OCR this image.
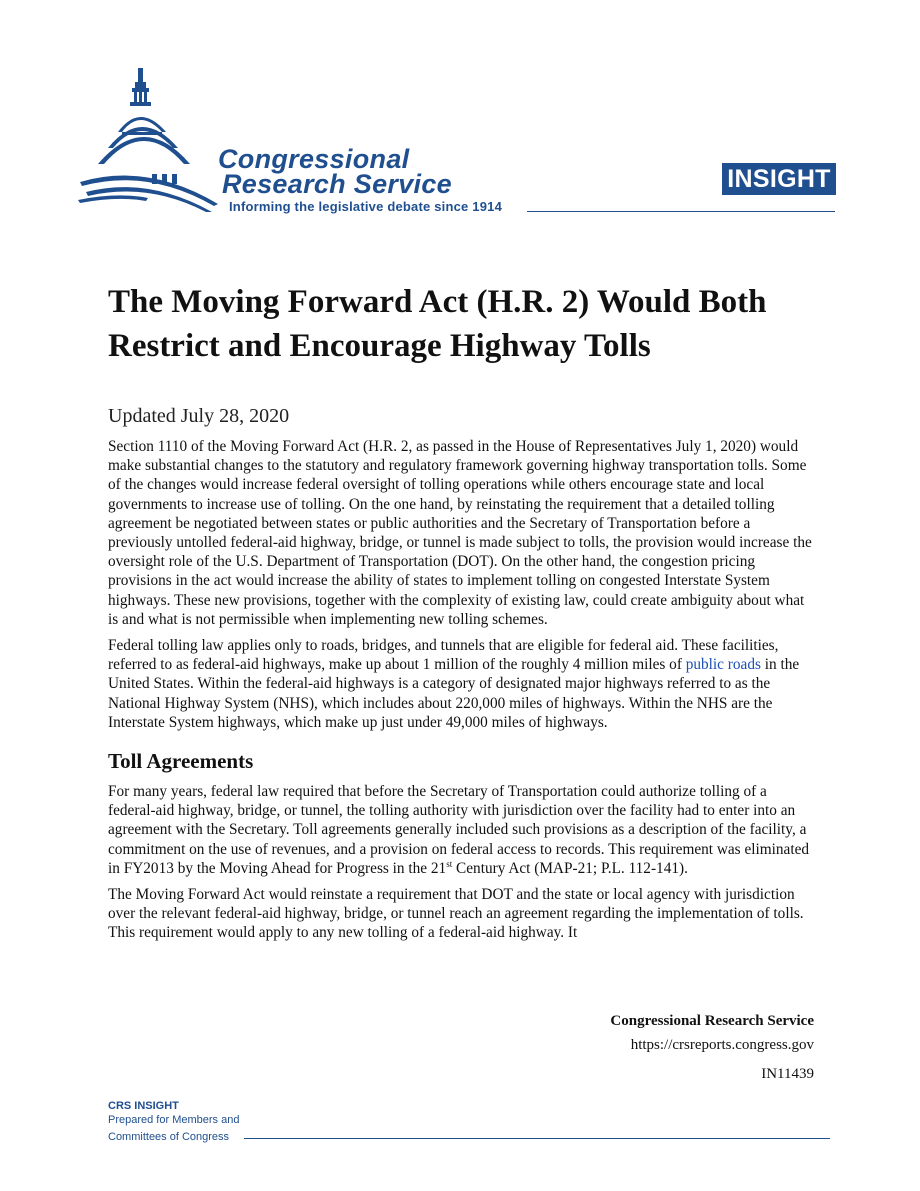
Congressional
Research Service
Informing the legislative debate since 1914
INSIGHT
The Moving Forward Act (H.R. 2) Would Both Restrict and Encourage Highway Tolls
Updated July 28, 2020

Section 1110 of the Moving Forward Act (H.R. 2, as passed in the House of Representatives July 1, 2020) would make substantial changes to the statutory and regulatory framework governing highway transportation tolls. Some of the changes would increase federal oversight of tolling operations while others encourage state and local governments to increase use of tolling. On the one hand, by reinstating the requirement that a detailed tolling agreement be negotiated between states or public authorities and the Secretary of Transportation before a previously untolled federal-aid highway, bridge, or tunnel is made subject to tolls, the provision would increase the oversight role of the U.S. Department of Transportation (DOT). On the other hand, the congestion pricing provisions in the act would increase the ability of states to implement tolling on congested Interstate System highways. These new provisions, together with the complexity of existing law, could create ambiguity about what is and what is not permissible when implementing new tolling schemes.

Federal tolling law applies only to roads, bridges, and tunnels that are eligible for federal aid. These facilities, referred to as federal-aid highways, make up about 1 million of the roughly 4 million miles of public roads in the United States. Within the federal-aid highways is a category of designated major highways referred to as the National Highway System (NHS), which includes about 220,000 miles of highways. Within the NHS are the Interstate System highways, which make up just under 49,000 miles of highways.

Toll Agreements

For many years, federal law required that before the Secretary of Transportation could authorize tolling of a federal-aid highway, bridge, or tunnel, the tolling authority with jurisdiction over the facility had to enter into an agreement with the Secretary. Toll agreements generally included such provisions as a description of the facility, a commitment on the use of revenues, and a provision on federal access to records. This requirement was eliminated in FY2013 by the Moving Ahead for Progress in the 21st Century Act (MAP-21; P.L. 112-141).

The Moving Forward Act would reinstate a requirement that DOT and the state or local agency with jurisdiction over the relevant federal-aid highway, bridge, or tunnel reach an agreement regarding the implementation of tolls. This requirement would apply to any new tolling of a federal-aid highway. It

Congressional Research Service
https://crsreports.congress.gov
IN11439
CRS INSIGHT
Prepared for Members and
Committees of Congress
